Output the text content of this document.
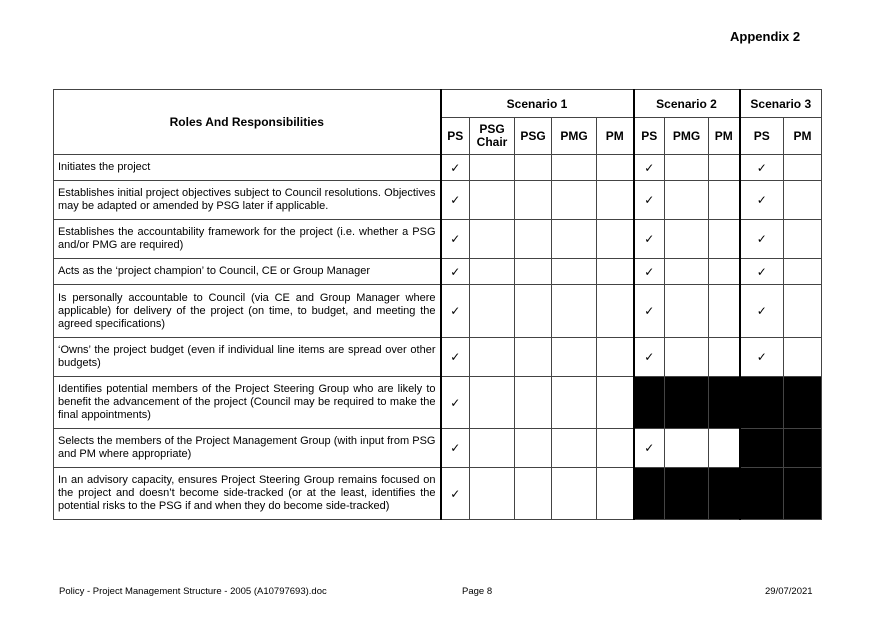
Appendix 2
Roles And Responsibilities	Scenario 1					Scenario 2			Scenario 3	
	PS	PSG Chair	PSG	PMG	PM	PS	PMG	PM	PS	PM
Initiates the project	✓					✓			✓	
Establishes initial project objectives subject to Council resolutions. Objectives may be adapted or amended by PSG later if applicable.	✓					✓			✓	
Establishes the accountability framework for the project (i.e. whether a PSG and/or PMG are required)	✓					✓			✓	
Acts as the ‘project champion’ to Council, CE or Group Manager	✓					✓			✓	
Is personally accountable to Council (via CE and Group Manager where applicable) for delivery of the project (on time, to budget, and meeting the agreed specifications)	✓					✓			✓	
‘Owns’ the project budget (even if individual line items are spread over other budgets)	✓					✓			✓	
Identifies potential members of the Project Steering Group who are likely to benefit the advancement of the project (Council may be required to make the final appointments)	✓									
Selects the members of the Project Management Group (with input from PSG and PM where appropriate)	✓					✓				
In an advisory capacity, ensures Project Steering Group remains focused on the project and doesn’t become side-tracked (or at the least, identifies the potential risks to the PSG if and when they do become side-tracked)	✓									
Policy - Project Management Structure - 2005 (A10797693).doc	Page 8	29/07/2021
